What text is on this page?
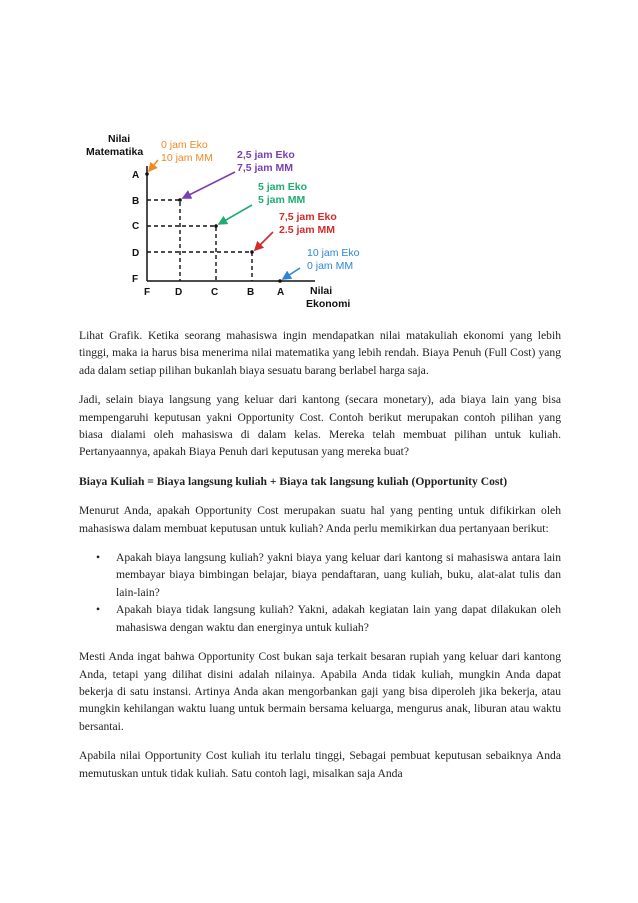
Nilai
Matematika
Nilai
Ekonomi
A
B
C
D
F
F D	C	B A
0 jam Eko
10 jam MM 2,5 jam Eko
7,5 jam MM
5 jam Eko
5 jam MM
7,5 jam Eko
2.5 jam MM
10 jam Eko
0 jam MM

Lihat Grafik. Ketika seorang mahasiswa ingin mendapatkan nilai matakuliah ekonomi yang lebih tinggi, maka ia harus bisa menerima nilai matematika yang lebih rendah. Biaya Penuh (Full Cost) yang ada dalam setiap pilihan bukanlah biaya sesuatu barang berlabel harga saja.

Jadi, selain biaya langsung yang keluar dari kantong (secara monetary), ada biaya lain yang bisa mempengaruhi keputusan yakni Opportunity Cost. Contoh berikut merupakan contoh pilihan yang biasa dialami oleh mahasiswa di dalam kelas. Mereka telah membuat pilihan untuk kuliah. Pertanyaannya, apakah Biaya Penuh dari keputusan yang mereka buat?

Biaya Kuliah = Biaya langsung kuliah + Biaya tak langsung kuliah (Opportunity Cost)

Menurut Anda, apakah Opportunity Cost merupakan suatu hal yang penting untuk difikirkan oleh mahasiswa dalam membuat keputusan untuk kuliah? Anda perlu memikirkan dua pertanyaan berikut:

• Apakah biaya langsung kuliah? yakni biaya yang keluar dari kantong si mahasiswa antara lain membayar biaya bimbingan belajar, biaya pendaftaran, uang kuliah, buku, alat-alat tulis dan lain-lain?
• Apakah biaya tidak langsung kuliah? Yakni, adakah kegiatan lain yang dapat dilakukan oleh mahasiswa dengan waktu dan energinya untuk kuliah?

Mesti Anda ingat bahwa Opportunity Cost bukan saja terkait besaran rupiah yang keluar dari kantong Anda, tetapi yang dilihat disini adalah nilainya. Apabila Anda tidak kuliah, mungkin Anda dapat bekerja di satu instansi. Artinya Anda akan mengorbankan gaji yang bisa diperoleh jika bekerja, atau mungkin kehilangan waktu luang untuk bermain bersama keluarga, mengurus anak, liburan atau waktu bersantai.

Apabila nilai Opportunity Cost kuliah itu terlalu tinggi, Sebagai pembuat keputusan sebaiknya Anda memutuskan untuk tidak kuliah. Satu contoh lagi, misalkan saja Anda
